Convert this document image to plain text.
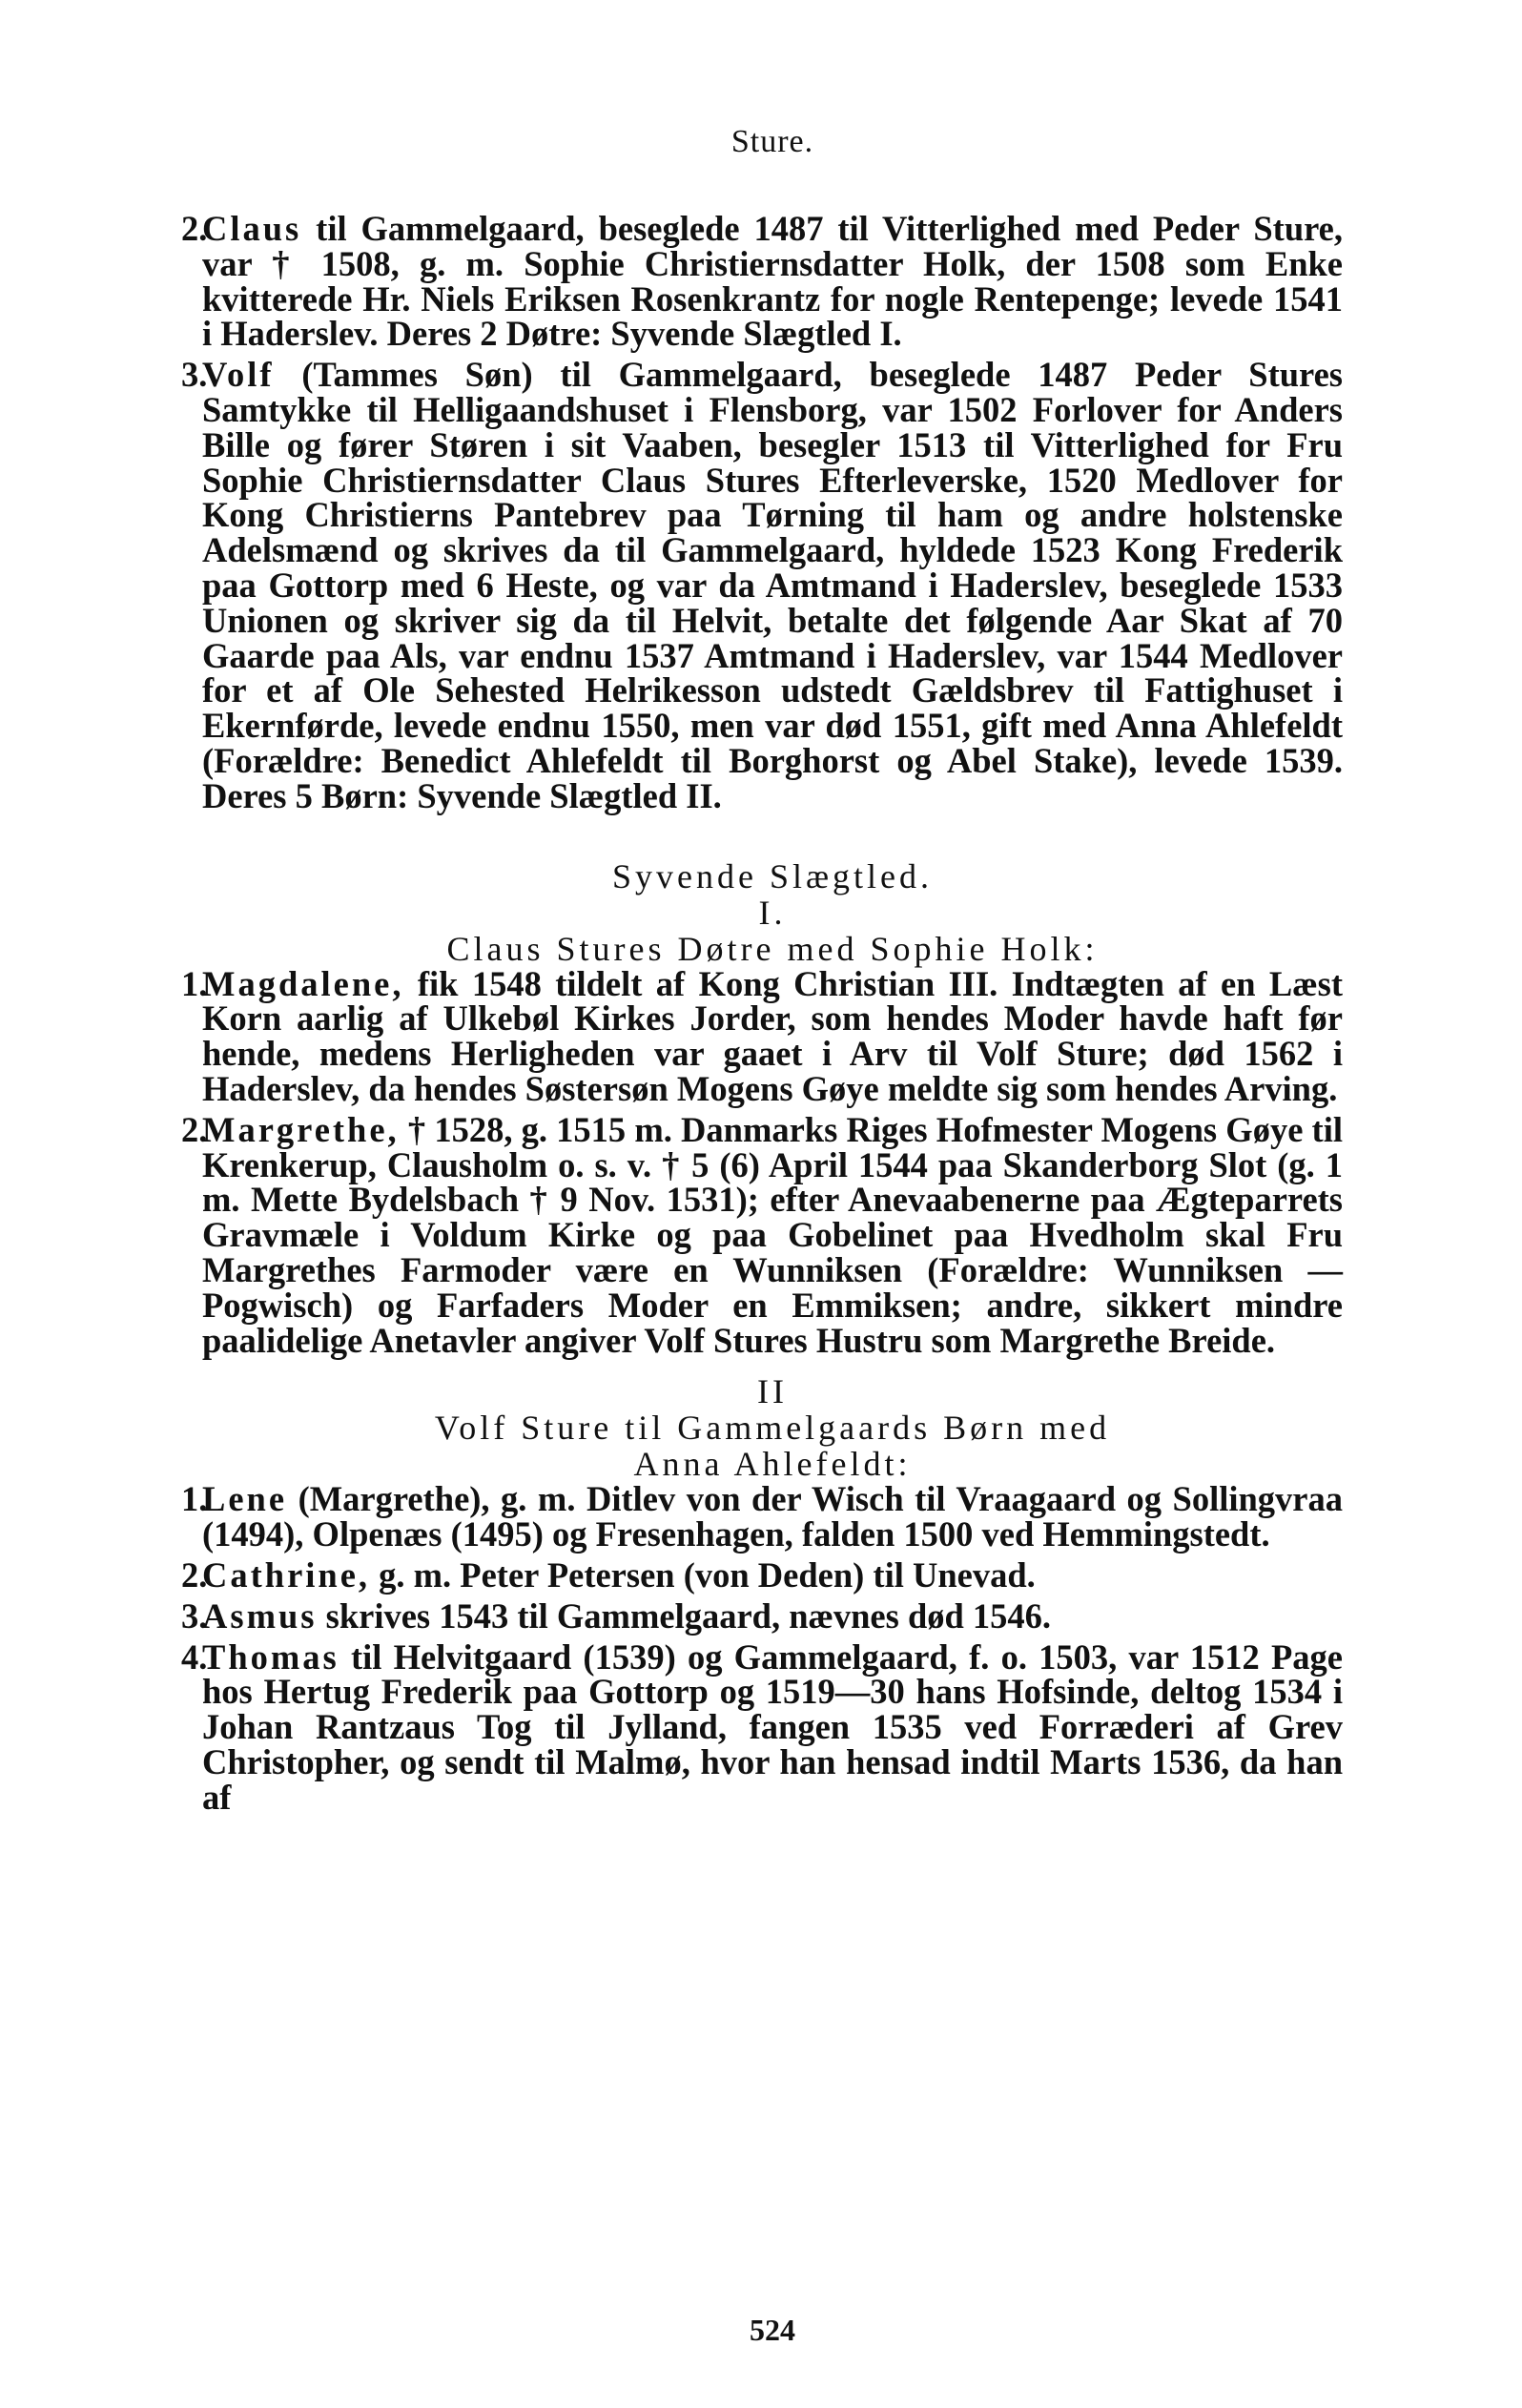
Sture.

2.
Claus til Gammelgaard, beseglede 1487 til Vitterlighed med Peder Sture, var † 1508, g. m. Sophie Christiernsdatter Holk, der 1508 som Enke kvitterede Hr. Niels Eriksen Rosenkrantz for nogle Rentepenge; levede 1541 i Haderslev. Deres 2 Døtre: Syvende Slægtled I.

3.
Volf (Tammes Søn) til Gammelgaard, beseglede 1487 Peder Stures Samtykke til Helligaandshuset i Flensborg, var 1502 Forlover for Anders Bille og fører Støren i sit Vaaben, besegler 1513 til Vitterlighed for Fru Sophie Christiernsdatter Claus Stures Efterleverske, 1520 Medlover for Kong Christierns Pantebrev paa Tørning til ham og andre holstenske Adelsmænd og skrives da til Gammelgaard, hyldede 1523 Kong Frederik paa Gottorp med 6 Heste, og var da Amtmand i Haderslev, beseglede 1533 Unionen og skriver sig da til Helvit, betalte det følgende Aar Skat af 70 Gaarde paa Als, var endnu 1537 Amtmand i Haderslev, var 1544 Medlover for et af Ole Sehested Helrikesson udstedt Gældsbrev til Fattighuset i Ekernførde, levede endnu 1550, men var død 1551, gift med Anna Ahlefeldt (Forældre: Benedict Ahlefeldt til Borghorst og Abel Stake), levede 1539. Deres 5 Børn: Syvende Slægtled II.

Syvende Slægtled.

I.

Claus Stures Døtre med Sophie Holk:

1.
Magdalene, fik 1548 tildelt af Kong Christian III. Indtægten af en Læst Korn aarlig af Ulkebøl Kirkes Jorder, som hendes Moder havde haft før hende, medens Herligheden var gaaet i Arv til Volf Sture; død 1562 i Haderslev, da hendes Søstersøn Mogens Gøye meldte sig som hendes Arving.

2.
Margrethe, † 1528, g. 1515 m. Danmarks Riges Hofmester Mogens Gøye til Krenkerup, Clausholm o. s. v. † 5 (6) April 1544 paa Skanderborg Slot (g. 1 m. Mette Bydelsbach † 9 Nov. 1531); efter Anevaabenerne paa Ægteparrets Gravmæle i Voldum Kirke og paa Gobelinet paa Hvedholm skal Fru Margrethes Farmoder være en Wunniksen (Forældre: Wunniksen — Pogwisch) og Farfaders Moder en Emmiksen; andre, sikkert mindre paalidelige Anetavler angiver Volf Stures Hustru som Margrethe Breide.

II

Volf Sture til Gammelgaards Børn med

Anna Ahlefeldt:

1.
Lene (Margrethe), g. m. Ditlev von der Wisch til Vraagaard og Sollingvraa (1494), Olpenæs (1495) og Fresenhagen, falden 1500 ved Hemmingstedt.

2.
Cathrine, g. m. Peter Petersen (von Deden) til Unevad.

3.
Asmus skrives 1543 til Gammelgaard, nævnes død 1546.

4.
Thomas til Helvitgaard (1539) og Gammelgaard, f. o. 1503, var 1512 Page hos Hertug Frederik paa Gottorp og 1519—30 hans Hofsinde, deltog 1534 i Johan Rantzaus Tog til Jylland, fangen 1535 ved Forræderi af Grev Christopher, og sendt til Malmø, hvor han hensad indtil Marts 1536, da han af

524
